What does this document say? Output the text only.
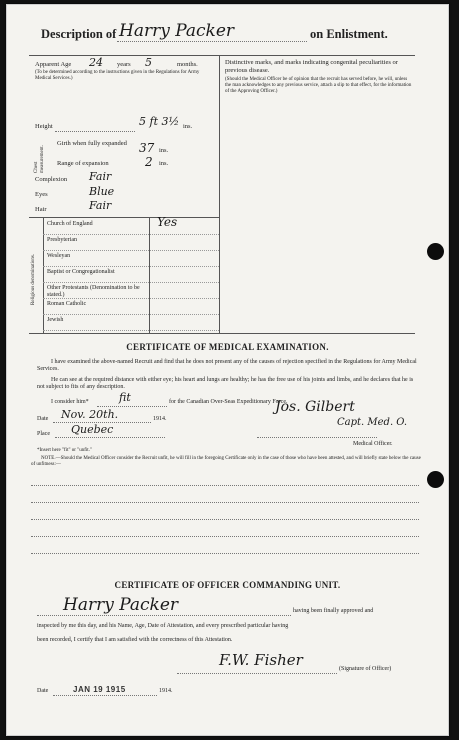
Description of Harry Packer	on Enlistment.
Apparent Age 24 years 5	months.
(To be determined according to the instructions given in the Regulations for Army Medical Services.)
Height	5 ft 3½ ins.
Chest measurement.
Girth when fully expanded	37 ins.
Range of expansion	2 ins.
Complexion Fair
Eyes	Blue
Hair	Fair
Religious denominations.
Church of England	Yes
Presbyterian
Wesleyan
Baptist or Congregationalist
Other Protestants (Denomination to be stated.)
Roman Catholic
Jewish
Distinctive marks, and marks indicating congenital peculiarities or previous disease.
(Should the Medical Officer be of opinion that the recruit has served before, he will, unless the man acknowledges to any previous service, attach a slip to that effect, for the information of the Approving Officer.)
CERTIFICATE OF MEDICAL EXAMINATION.
I have examined the above-named Recruit and find that he does not present any of the causes of rejection specified in the Regulations for Army Medical Services.
He can see at the required distance with either eye; his heart and lungs are healthy; he has the free use of his joints and limbs, and he declares that he is not subject to fits of any description.
I consider him*	fit	for the Canadian Over-Seas Expeditionary Force.
Date Nov. 20th.	1914.
Place Quebec
Jos. Gilbert
Capt. Med. O.
Medical Officer.
*Insert here "fit" or "unfit."
NOTE.—Should the Medical Officer consider the Recruit unfit, he will fill in the foregoing Certificate only in the case of those who have been attested, and will briefly state below the cause of unfitness:—
CERTIFICATE OF OFFICER COMMANDING UNIT.
Harry Packer	having been finally approved and
inspected by me this day, and his Name, Age, Date of Attestation, and every prescribed particular having
been recorded, I certify that I am satisfied with the correctness of this Attestation.
F.W. Fisher	(Signature of Officer)
Date	JAN 19 1915	1914.
